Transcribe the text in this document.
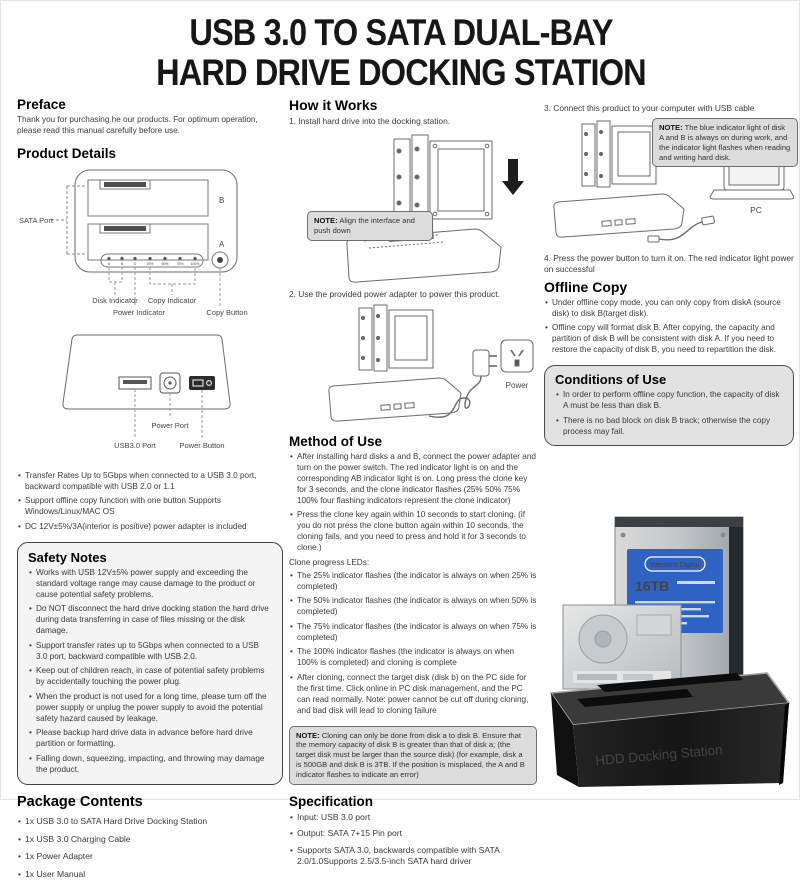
USB 3.0 TO SATA DUAL-BAY
HARD DRIVE DOCKING STATION
Preface
Thank you for purchasing he our products. For optimum operation, please read this manual carefully before use.
Product Details
B
A
SATA Port
A	B	O	25% 50% 75% 100%
Disk Indicator
Power Indicator
Copy Indicator
Copy Button
Power Port
USB3.0 Port	Power Button
• Transfer Rates Up to 5Gbps when connected to a USB 3.0 port, backward compatible with USB 2.0 or 1.1
• Support offline copy function with one button Supports Windows/Linux/MAC OS
• DC 12V±5%/3A(interior is positive) power adapter is included
Safety Notes
• Works with USB 12V±5% power supply and exceeding the standard voltage range may cause damage to the product or cause potential safety problems.
• Do NOT disconnect the hard drive docking station the hard drive during data transferring in case of files missing or the disk damage.
• Support transfer rates up to 5Gbps when connected to a USB 3.0 port, backward compatible with USB 2.0.
• Keep out of children reach, in case of potential safety problems by accidentally touching the power plug.
• When the product is not used for a long time, please turn off the power supply or unplug the power supply to avoid the potential safety hazard caused by leakage.
• Please backup hard drive data in advance before hard drive partition or formatting.
• Falling down, squeezing, impacting, and throwing may damage the product.
Package Contents
• 1x USB 3.0 to SATA Hard Drive Docking Station
• 1x USB 3.0 Charging Cable
• 1x Power Adapter
• 1x User Manual
How it Works
1. Install hard drive into the docking station.
NOTE: Align the interface and push down
2. Use the provided power adapter to power this product.
Power
Method of Use
• After installing hard disks a and B, connect the power adapter and turn on the power switch. The red indicator light is on and the corresponding AB indicator light is on. Long press the clone key for 3 seconds, and the clone indicator flashes (25% 50% 75% 100% four flashing indicators represent the clone indicator)
• Press the clone key again within 10 seconds to start cloning. (if you do not press the clone button again within 10 seconds, the cloning fails, and you need to press and hold it for 3 seconds to clone.)
Clone progress LEDs:
• The 25% indicator flashes (the indicator is always on when 25% is completed)
• The 50% indicator flashes (the indicator is always on when 50% is completed)
• The 75% indicator flashes (the indicator is always on when 75% is completed)
• The 100% indicator flashes (the indicator is always on when 100% is completed) and cloning is complete
• After cloning, connect the target disk (disk b) on the PC side for the first time. Click online in PC disk management, and the PC can read normally. Note: power cannot be cut off during cloning, and bad disk will lead to cloning failure
NOTE: Cloning can only be done from disk a to disk B. Ensure that the memory capacity of disk B is greater than that of disk a; (the target disk must be larger than the source disk) (for example, disk a is 500GB and disk B is 3TB. If the position is misplaced, the A and B indicator flashes to indicate an error)
Specification
• Input: USB 3.0 port
• Output: SATA 7+15 Pin port
• Supports SATA 3.0, backwards compatible with SATA 2.0/1.0Supports 2.5/3.5-inch SATA hard driver
3. Connect this product to your computer with USB cable
PC
NOTE: The blue indicator light of disk A and B is always on during work, and the indicator light flashes when reading and writing hard disk.
4. Press the power button to turn it on. The red indicator light power on successful
Offline Copy
• Under offline copy mode, you can only copy from diskA (source disk) to disk B(target disk).
• Offline copy will format disk B. After copying, the capacity and partition of disk B will be consistent with disk A. If you need to restore the capacity of disk B, you need to repartition the disk.
Conditions of Use
• In order to perform offline copy function, the capacity of disk A must be less than disk B.
• There is no bad block on disk B track; otherwise the copy process may fail.
Western Digital
16TB
HDD Docking Station
